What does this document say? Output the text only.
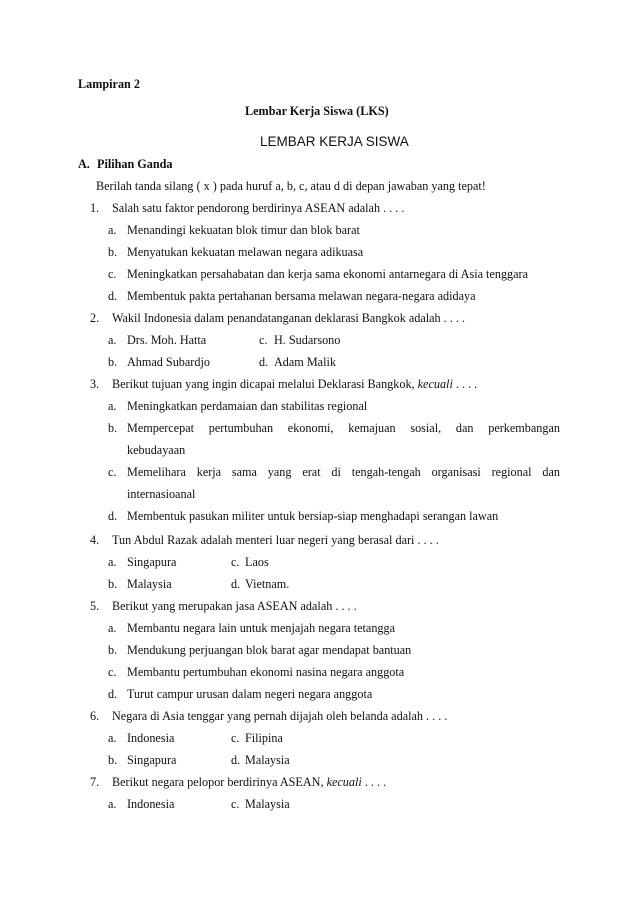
Lampiran 2
Lembar Kerja Siswa (LKS)
LEMBAR KERJA SISWA
A. Pilihan Ganda
Berilah tanda silang ( x ) pada huruf a, b, c, atau d di depan jawaban yang tepat!
1. Salah satu faktor pendorong berdirinya ASEAN adalah . . . .
a. Menandingi kekuatan blok timur dan blok barat
b. Menyatukan kekuatan melawan negara adikuasa
c. Meningkatkan persahabatan dan kerja sama ekonomi antarnegara di Asia tenggara
d. Membentuk pakta pertahanan bersama melawan negara-negara adidaya
2. Wakil Indonesia dalam penandatanganan deklarasi Bangkok adalah . . . .
a. Drs. Moh. Hatta	c. H. Sudarsono
b. Ahmad Subardjo	d. Adam Malik
3. Berikut tujuan yang ingin dicapai melalui Deklarasi Bangkok, kecuali . . . .
a. Meningkatkan perdamaian dan stabilitas regional
b. Mempercepat pertumbuhan ekonomi, kemajuan sosial, dan perkembangan
kebudayaan
c. Memelihara kerja sama yang erat di tengah-tengah organisasi regional dan
internasioanal
d. Membentuk pasukan militer untuk bersiap-siap menghadapi serangan lawan
4. Tun Abdul Razak adalah menteri luar negeri yang berasal dari . . . .
a. Singapura	c. Laos
b. Malaysia	d. Vietnam.
5. Berikut yang merupakan jasa ASEAN adalah . . . .
a. Membantu negara lain untuk menjajah negara tetangga
b. Mendukung perjuangan blok barat agar mendapat bantuan
c. Membantu pertumbuhan ekonomi nasina negara anggota
d. Turut campur urusan dalam negeri negara anggota
6. Negara di Asia tenggar yang pernah dijajah oleh belanda adalah . . . .
a. Indonesia	c. Filipina
b. Singapura	d. Malaysia
7. Berikut negara pelopor berdirinya ASEAN, kecuali . . . .
a. Indonesia	c. Malaysia
